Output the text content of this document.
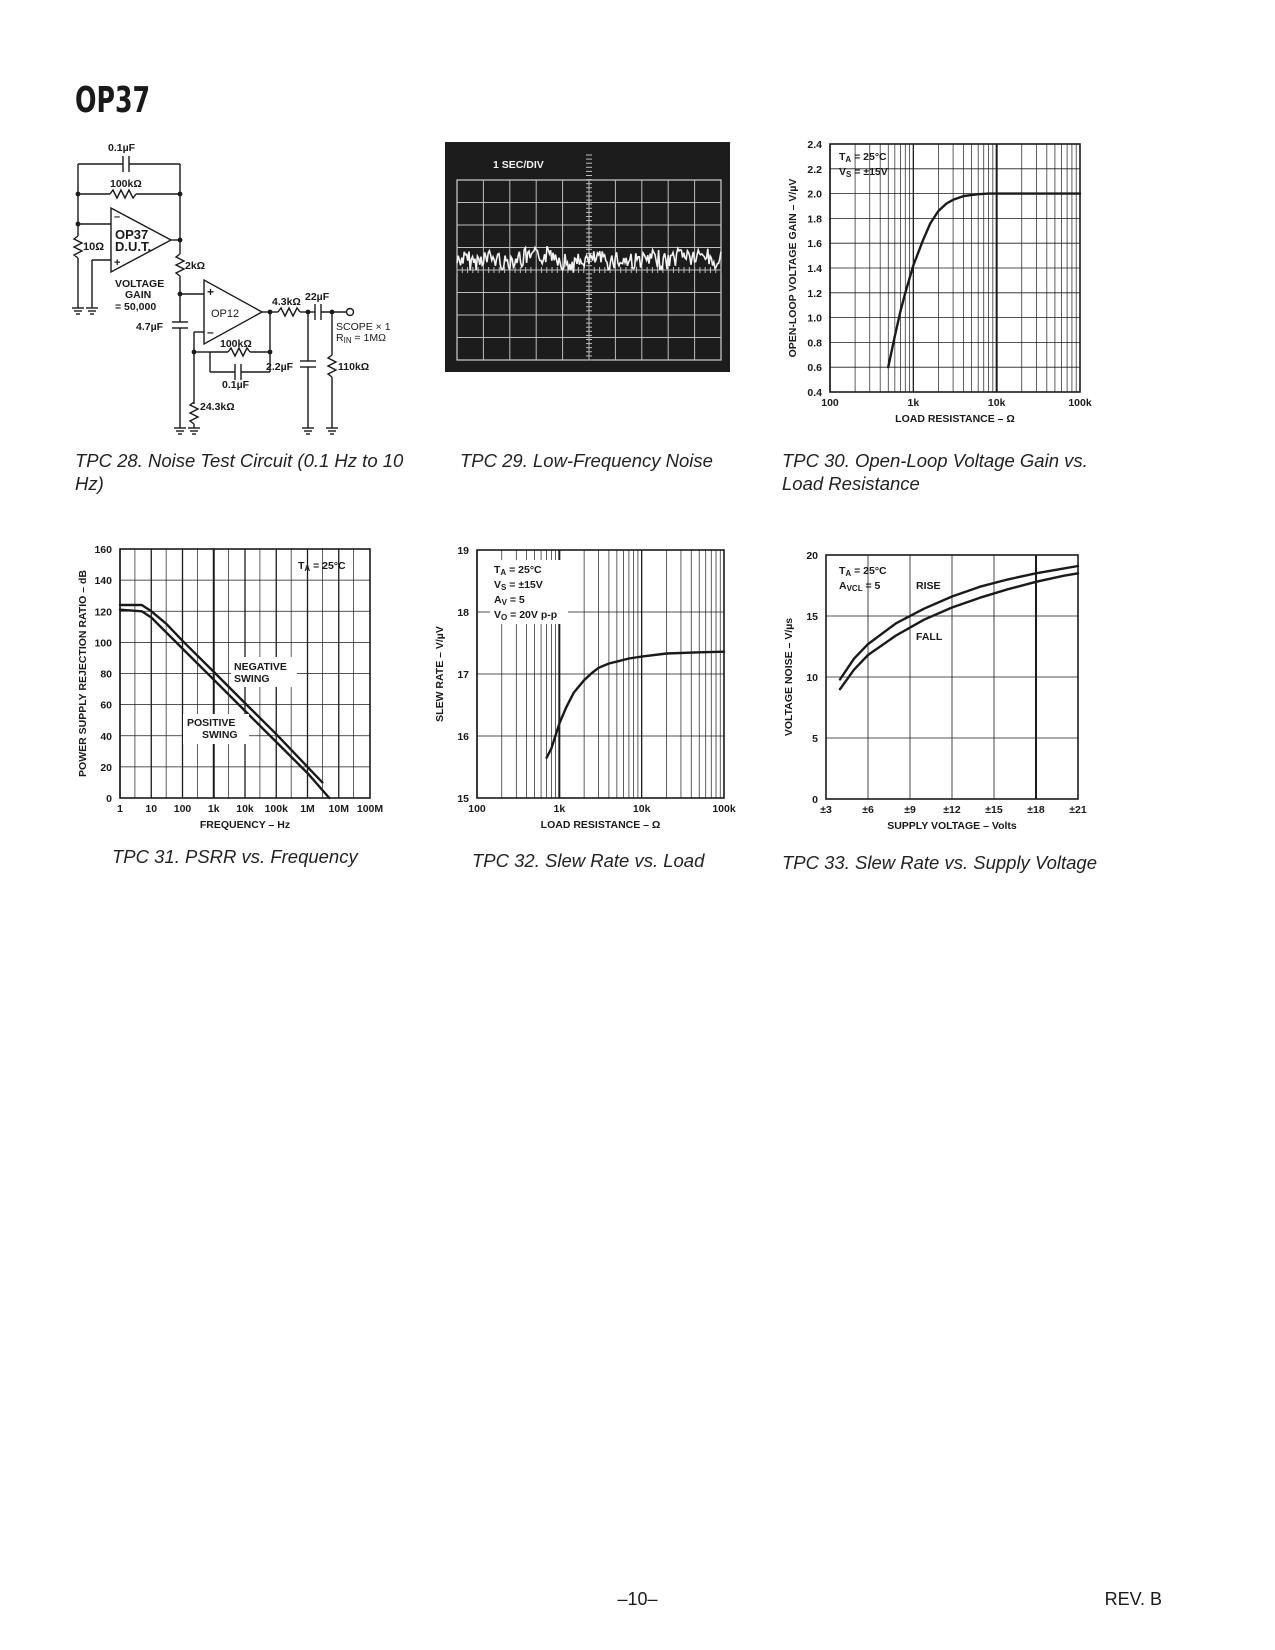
OP37
0.1µF
100kΩ
10Ω
–
+
OP37
D.U.T.
VOLTAGE
GAIN
= 50,000
2kΩ
4.7µF
+
–
OP12
4.3kΩ 22µF
SCOPE × 1
RIN = 1MΩ
100kΩ
2.2µF
0.1µF
110kΩ
24.3kΩ
TPC 28. Noise Test Circuit (0.1 Hz to 10 Hz)
1 SEC/DIV
TPC 29. Low-Frequency Noise
100	1k	10k	100k
0.4
0.6
0.8
1.0
1.2
1.4
1.6
1.8
2.0
2.2
2.4
LOAD RESISTANCE – Ω
OPEN-LOOP VOLTAGE GAIN – V/µV
TA = 25°C
VS = ±15V
TPC 30. Open-Loop Voltage Gain vs. Load Resistance
1 10 100 1k 10k 100k 1M 10M 100M
0
20
40
60
80
100
120
140
160
FREQUENCY – Hz
POWER SUPPLY REJECTION RATIO – dB
TA = 25°C
NEGATIVE
SWING
POSITIVE
SWING
TPC 31. PSRR vs. Frequency
100	1k	10k	100k
15
16
17
18
19
LOAD RESISTANCE – Ω
SLEW RATE – V/µV
TA = 25°C
VS = ±15V
AV = 5
VO = 20V p-p
TPC 32. Slew Rate vs. Load
±3	±6	±9	±12 ±15 ±18 ±21
0
5
10
15
20
SUPPLY VOLTAGE – Volts
VOLTAGE NOISE – V/µs
TA = 25°C
AVCL = 5	RISE
FALL
TPC 33. Slew Rate vs. Supply Voltage
–10–	REV. B
